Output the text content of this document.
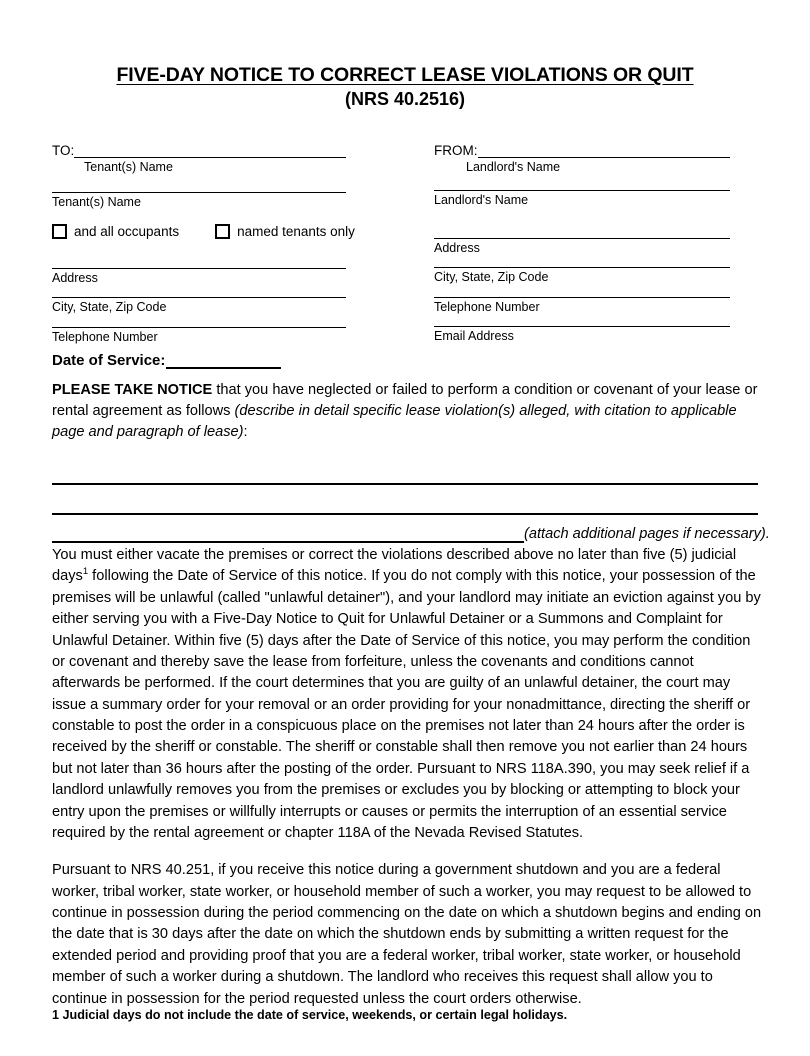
FIVE-DAY NOTICE TO CORRECT LEASE VIOLATIONS OR QUIT
(NRS 40.2516)
TO:
Tenant(s) Name
Tenant(s) Name
and all occupants	named tenants only
Address
City, State, Zip Code
Telephone Number
FROM:
Landlord's Name
Landlord's Name
Address
City, State, Zip Code
Telephone Number
Email Address
Date of Service:
PLEASE TAKE NOTICE that you have neglected or failed to perform a condition or covenant of your lease or rental agreement as follows (describe in detail specific lease violation(s) alleged, with citation to applicable page and paragraph of lease):
(attach additional pages if necessary).

You must either vacate the premises or correct the violations described above no later than five (5) judicial days$^1$ following the Date of Service of this notice. If you do not comply with this notice, your possession of the premises will be unlawful (called "unlawful detainer"), and your landlord may initiate an eviction against you by either serving you with a Five-Day Notice to Quit for Unlawful Detainer or a Summons and Complaint for Unlawful Detainer. Within five (5) days after the Date of Service of this notice, you may perform the condition or covenant and thereby save the lease from forfeiture, unless the covenants and conditions cannot afterwards be performed. If the court determines that you are guilty of an unlawful detainer, the court may issue a summary order for your removal or an order providing for your nonadmittance, directing the sheriff or constable to post the order in a conspicuous place on the premises not later than 24 hours after the order is received by the sheriff or constable. The sheriff or constable shall then remove you not earlier than 24 hours but not later than 36 hours after the posting of the order. Pursuant to NRS 118A.390, you may seek relief if a landlord unlawfully removes you from the premises or excludes you by blocking or attempting to block your entry upon the premises or willfully interrupts or causes or permits the interruption of an essential service required by the rental agreement or chapter 118A of the Nevada Revised Statutes.

Pursuant to NRS 40.251, if you receive this notice during a government shutdown and you are a federal worker, tribal worker, state worker, or household member of such a worker, you may request to be allowed to continue in possession during the period commencing on the date on which a shutdown begins and ending on the date that is 30 days after the date on which the shutdown ends by submitting a written request for the extended period and providing proof that you are a federal worker, tribal worker, state worker, or household member of such a worker during a shutdown. The landlord who receives this request shall allow you to continue in possession for the period requested unless the court orders otherwise.

1 Judicial days do not include the date of service, weekends, or certain legal holidays.
